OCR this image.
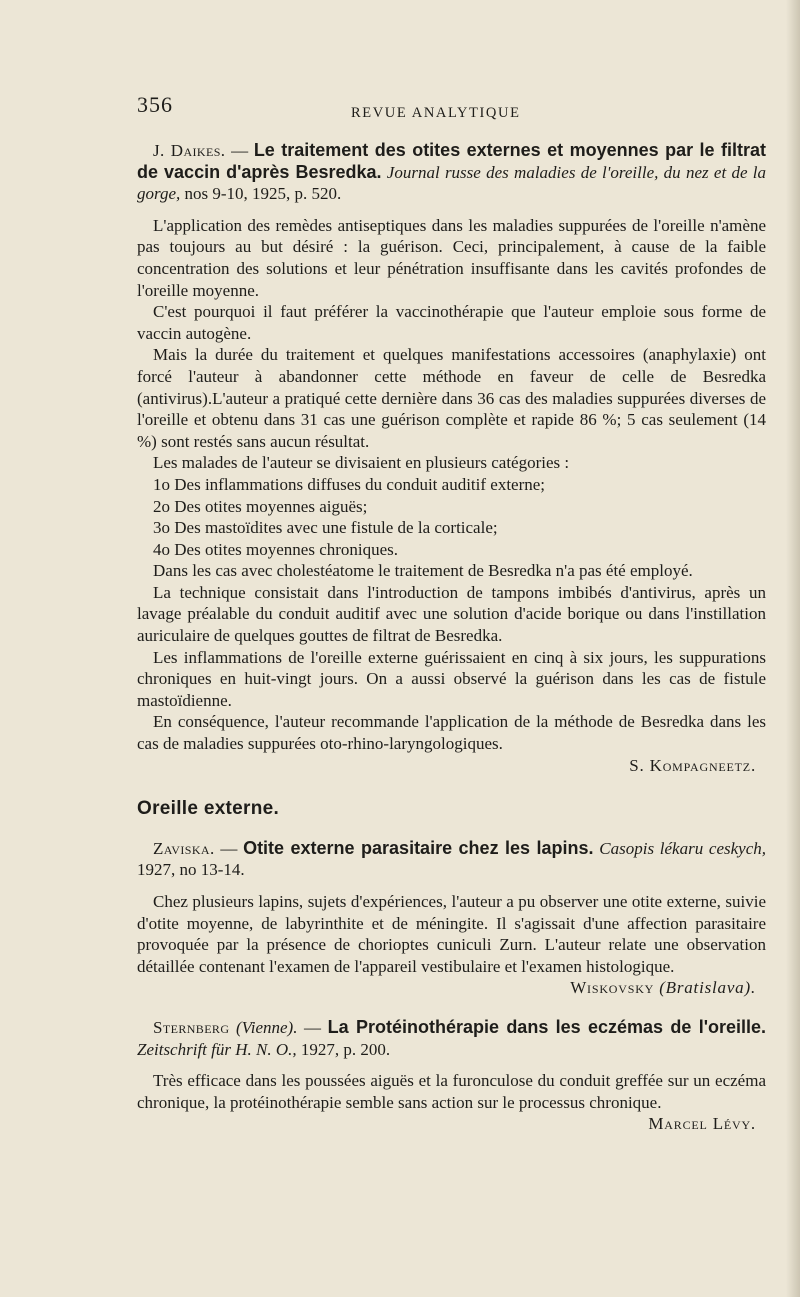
356	REVUE ANALYTIQUE

J. Daikes. — Le traitement des otites externes et moyennes par le filtrat de vaccin d'après Besredka. Journal russe des maladies de l'oreille, du nez et de la gorge, nos 9-10, 1925, p. 520.

L'application des remèdes antiseptiques dans les maladies suppurées de l'oreille n'amène pas toujours au but désiré : la guérison. Ceci, principalement, à cause de la faible concentration des solutions et leur pénétration insuffisante dans les cavités profondes de l'oreille moyenne.

C'est pourquoi il faut préférer la vaccinothérapie que l'auteur emploie sous forme de vaccin autogène.

Mais la durée du traitement et quelques manifestations accessoires (anaphylaxie) ont forcé l'auteur à abandonner cette méthode en faveur de celle de Besredka (antivirus).L'auteur a pratiqué cette dernière dans 36 cas des maladies suppurées diverses de l'oreille et obtenu dans 31 cas une guérison complète et rapide 86 %; 5 cas seulement (14 %) sont restés sans aucun résultat.

Les malades de l'auteur se divisaient en plusieurs catégories :

1o Des inflammations diffuses du conduit auditif externe;

2o Des otites moyennes aiguës;

3o Des mastoïdites avec une fistule de la corticale;

4o Des otites moyennes chroniques.

Dans les cas avec cholestéatome le traitement de Besredka n'a pas été employé.

La technique consistait dans l'introduction de tampons imbibés d'antivirus, après un lavage préalable du conduit auditif avec une solution d'acide borique ou dans l'instillation auriculaire de quelques gouttes de filtrat de Besredka.

Les inflammations de l'oreille externe guérissaient en cinq à six jours, les suppurations chroniques en huit-vingt jours. On a aussi observé la guérison dans les cas de fistule mastoïdienne.

En conséquence, l'auteur recommande l'application de la méthode de Besredka dans les cas de maladies suppurées oto-rhino-laryngologiques.

S. Kompagneetz.

Oreille externe.

Zaviska. — Otite externe parasitaire chez les lapins. Casopis lékaru ceskych, 1927, no 13-14.

Chez plusieurs lapins, sujets d'expériences, l'auteur a pu observer une otite externe, suivie d'otite moyenne, de labyrinthite et de méningite. Il s'agissait d'une affection parasitaire provoquée par la présence de chorioptes cuniculi Zurn. L'auteur relate une observation détaillée contenant l'examen de l'appareil vestibulaire et l'examen histologique.

Wiskovsky (Bratislava).

Sternberg (Vienne). — La Protéinothérapie dans les eczémas de l'oreille. Zeitschrift für H. N. O., 1927, p. 200.

Très efficace dans les poussées aiguës et la furonculose du conduit greffée sur un eczéma chronique, la protéinothérapie semble sans action sur le processus chronique.

Marcel Lévy.
